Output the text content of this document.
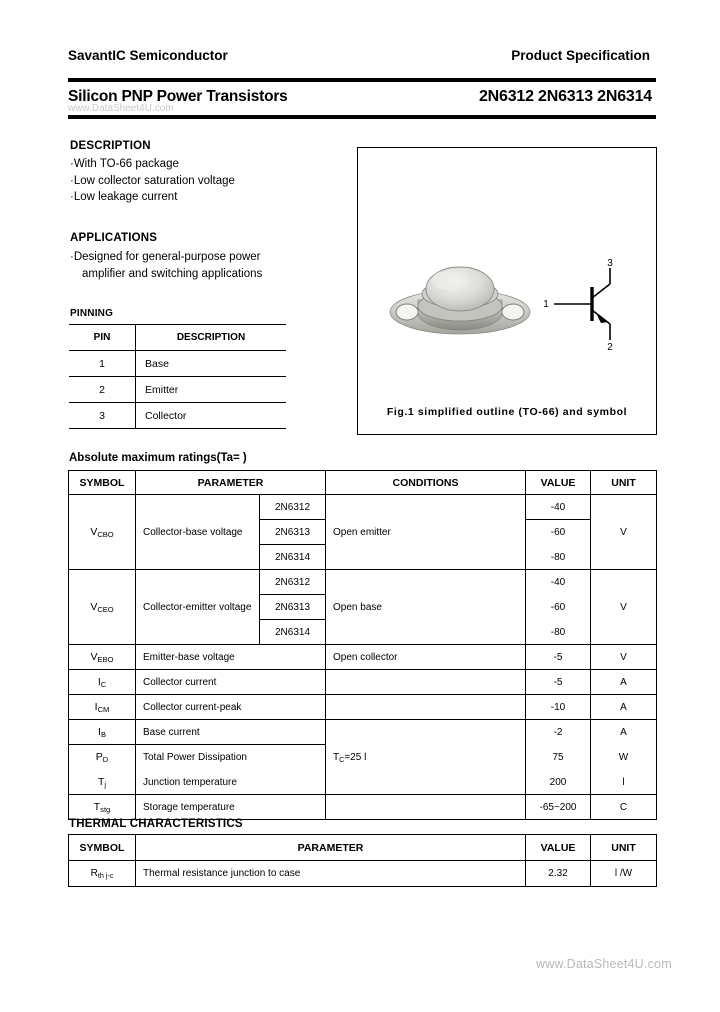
SavantIC Semiconductor	Product Specification
Silicon PNP Power Transistors	2N6312 2N6313 2N6314
www.DataSheet4U.com
DESCRIPTION
·With TO-66 package
·Low collector saturation voltage
·Low leakage current
APPLICATIONS
·Designed for general-purpose power
amplifier and switching applications
PINNING
PIN	DESCRIPTION
1	Base
2	Emitter
3	Collector
3
2
1
Fig.1 simplified outline (TO-66) and symbol
Absolute maximum ratings(Ta= )
SYMBOL	PARAMETER		CONDITIONS	VALUE	UNIT
$V_{CBO}$	Collector-base voltage	2N6312	Open emitter	-40	V
		2N6313		-60	
		2N6314		-80	
$V_{CEO}$	Collector-emitter voltage	2N6312	Open base	-40	V
		2N6313		-60	
		2N6314		-80	
$V_{EBO}$	Emitter-base voltage		Open collector	-5	V
$I_C$	Collector current			-5	A
$I_{CM}$	Collector current-peak			-10	A
$I_B$	Base current		$T_C=25$ l	-2	A
$P_D$	Total Power Dissipation			75	W
$T_j$	Junction temperature			200	l
$T_{stg}$	Storage temperature			-65~200	C
THERMAL CHARACTERISTICS
SYMBOL	PARAMETER	VALUE	UNIT
$R_{th j-c}$	Thermal resistance junction to case	2.32	l /W
www.DataSheet4U.com
